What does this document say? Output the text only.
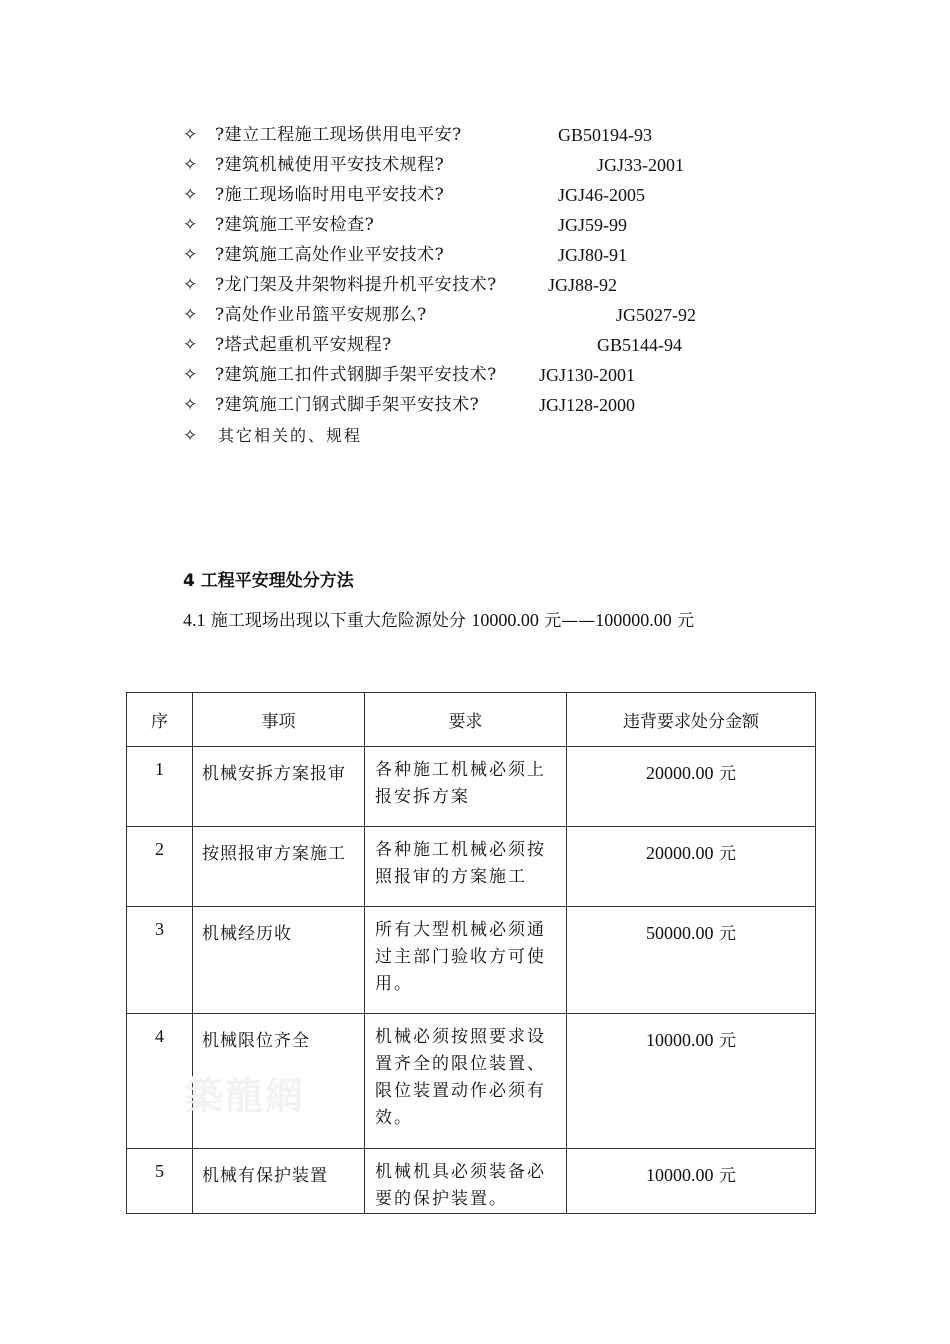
✧ ?建立工程施工现场供用电平安?	GB50194-93
✧ ?建筑机械使用平安技术规程?	JGJ33-2001
✧ ?施工现场临时用电平安技术?	JGJ46-2005
✧ ?建筑施工平安检查?	JGJ59-99
✧ ?建筑施工高处作业平安技术?	JGJ80-91
✧ ?龙门架及井架物料提升机平安技术?	JGJ88-92
✧ ?高处作业吊篮平安规那么?	JG5027-92
✧ ?塔式起重机平安规程?	GB5144-94
✧ ?建筑施工扣件式钢脚手架平安技术? JGJ130-2001
✧ ?建筑施工门钢式脚手架平安技术?	JGJ128-2000
✧ 其它相关的、规程
4 工程平安理处分方法
4.1 施工现场出现以下重大危险源处分 10000.00 元——100000.00 元
序	事项	要求	违背要求处分金额
1	机械安拆方案报审	各种施工机械必须上报安拆方案	20000.00 元
2	按照报审方案施工	各种施工机械必须按照报审的方案施工	20000.00 元
3	机械经历收	所有大型机械必须通过主部门验收方可使用。	50000.00 元
4	机械限位齐全	机械必须按照要求设置齐全的限位装置、限位装置动作必须有效。	10000.00 元
5	机械有保护装置	机械机具必须装备必要的保护装置。	10000.00 元
築龍網
